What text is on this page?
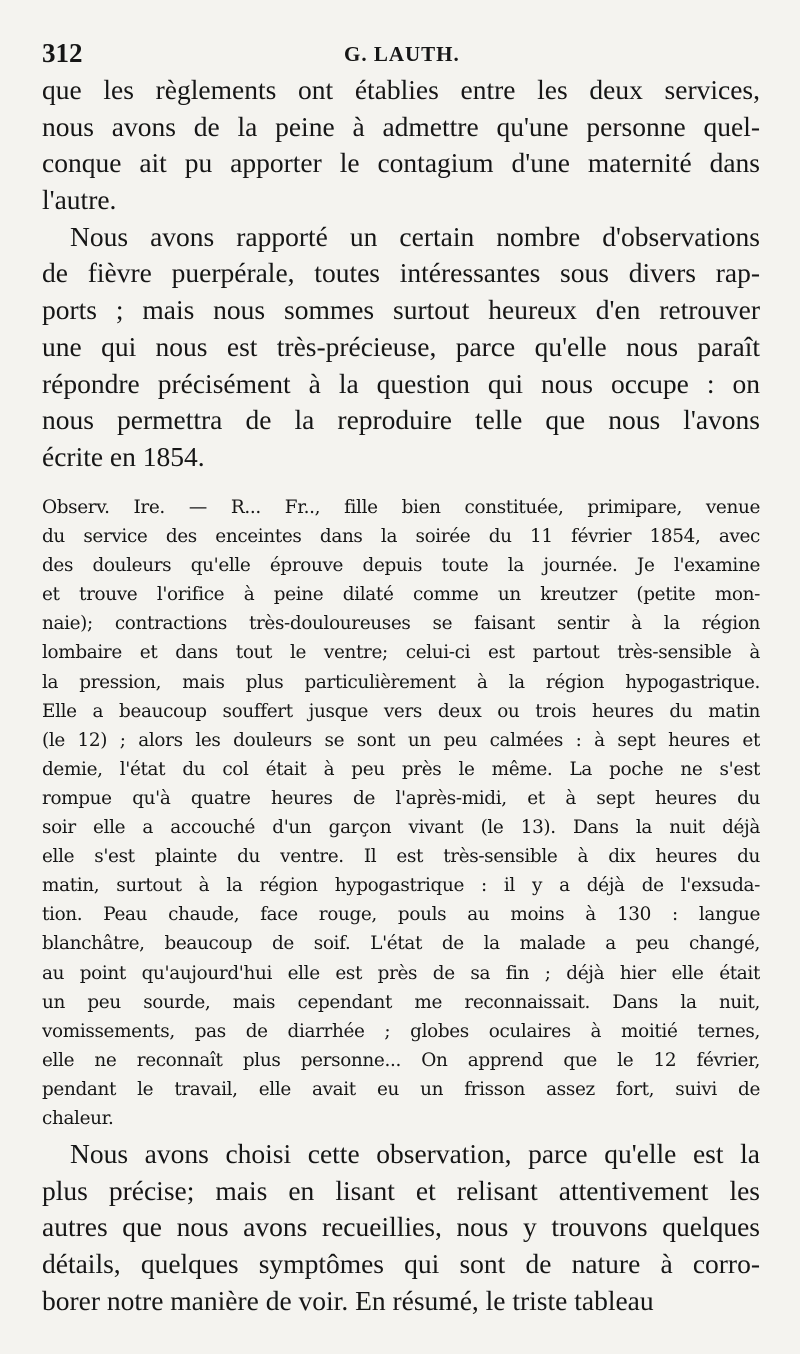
312	G. LAUTH.
que les règlements ont établies entre les deux services,
nous avons de la peine à admettre qu'une personne quel-
conque ait pu apporter le contagium d'une maternité dans
l'autre.
Nous avons rapporté un certain nombre d'observations
de fièvre puerpérale, toutes intéressantes sous divers rap-
ports ; mais nous sommes surtout heureux d'en retrouver
une qui nous est très-précieuse, parce qu'elle nous paraît
répondre précisément à la question qui nous occupe : on
nous permettra de la reproduire telle que nous l'avons
écrite en 1854.
Observ. Ire. — R... Fr.., fille bien constituée, primipare, venue
du service des enceintes dans la soirée du 11 février 1854, avec
des douleurs qu'elle éprouve depuis toute la journée. Je l'examine
et trouve l'orifice à peine dilaté comme un kreutzer (petite mon-
naie); contractions très-douloureuses se faisant sentir à la région
lombaire et dans tout le ventre; celui-ci est partout très-sensible à
la pression, mais plus particulièrement à la région hypogastrique.
Elle a beaucoup souffert jusque vers deux ou trois heures du matin
(le 12) ; alors les douleurs se sont un peu calmées : à sept heures et
demie, l'état du col était à peu près le même. La poche ne s'est
rompue qu'à quatre heures de l'après-midi, et à sept heures du
soir elle a accouché d'un garçon vivant (le 13). Dans la nuit déjà
elle s'est plainte du ventre. Il est très-sensible à dix heures du
matin, surtout à la région hypogastrique : il y a déjà de l'exsuda-
tion. Peau chaude, face rouge, pouls au moins à 130 : langue
blanchâtre, beaucoup de soif. L'état de la malade a peu changé,
au point qu'aujourd'hui elle est près de sa fin ; déjà hier elle était
un peu sourde, mais cependant me reconnaissait. Dans la nuit,
vomissements, pas de diarrhée ; globes oculaires à moitié ternes,
elle ne reconnaît plus personne... On apprend que le 12 février,
pendant le travail, elle avait eu un frisson assez fort, suivi de
chaleur.
Nous avons choisi cette observation, parce qu'elle est la
plus précise; mais en lisant et relisant attentivement les
autres que nous avons recueillies, nous y trouvons quelques
détails, quelques symptômes qui sont de nature à corro-
borer notre manière de voir. En résumé, le triste tableau
